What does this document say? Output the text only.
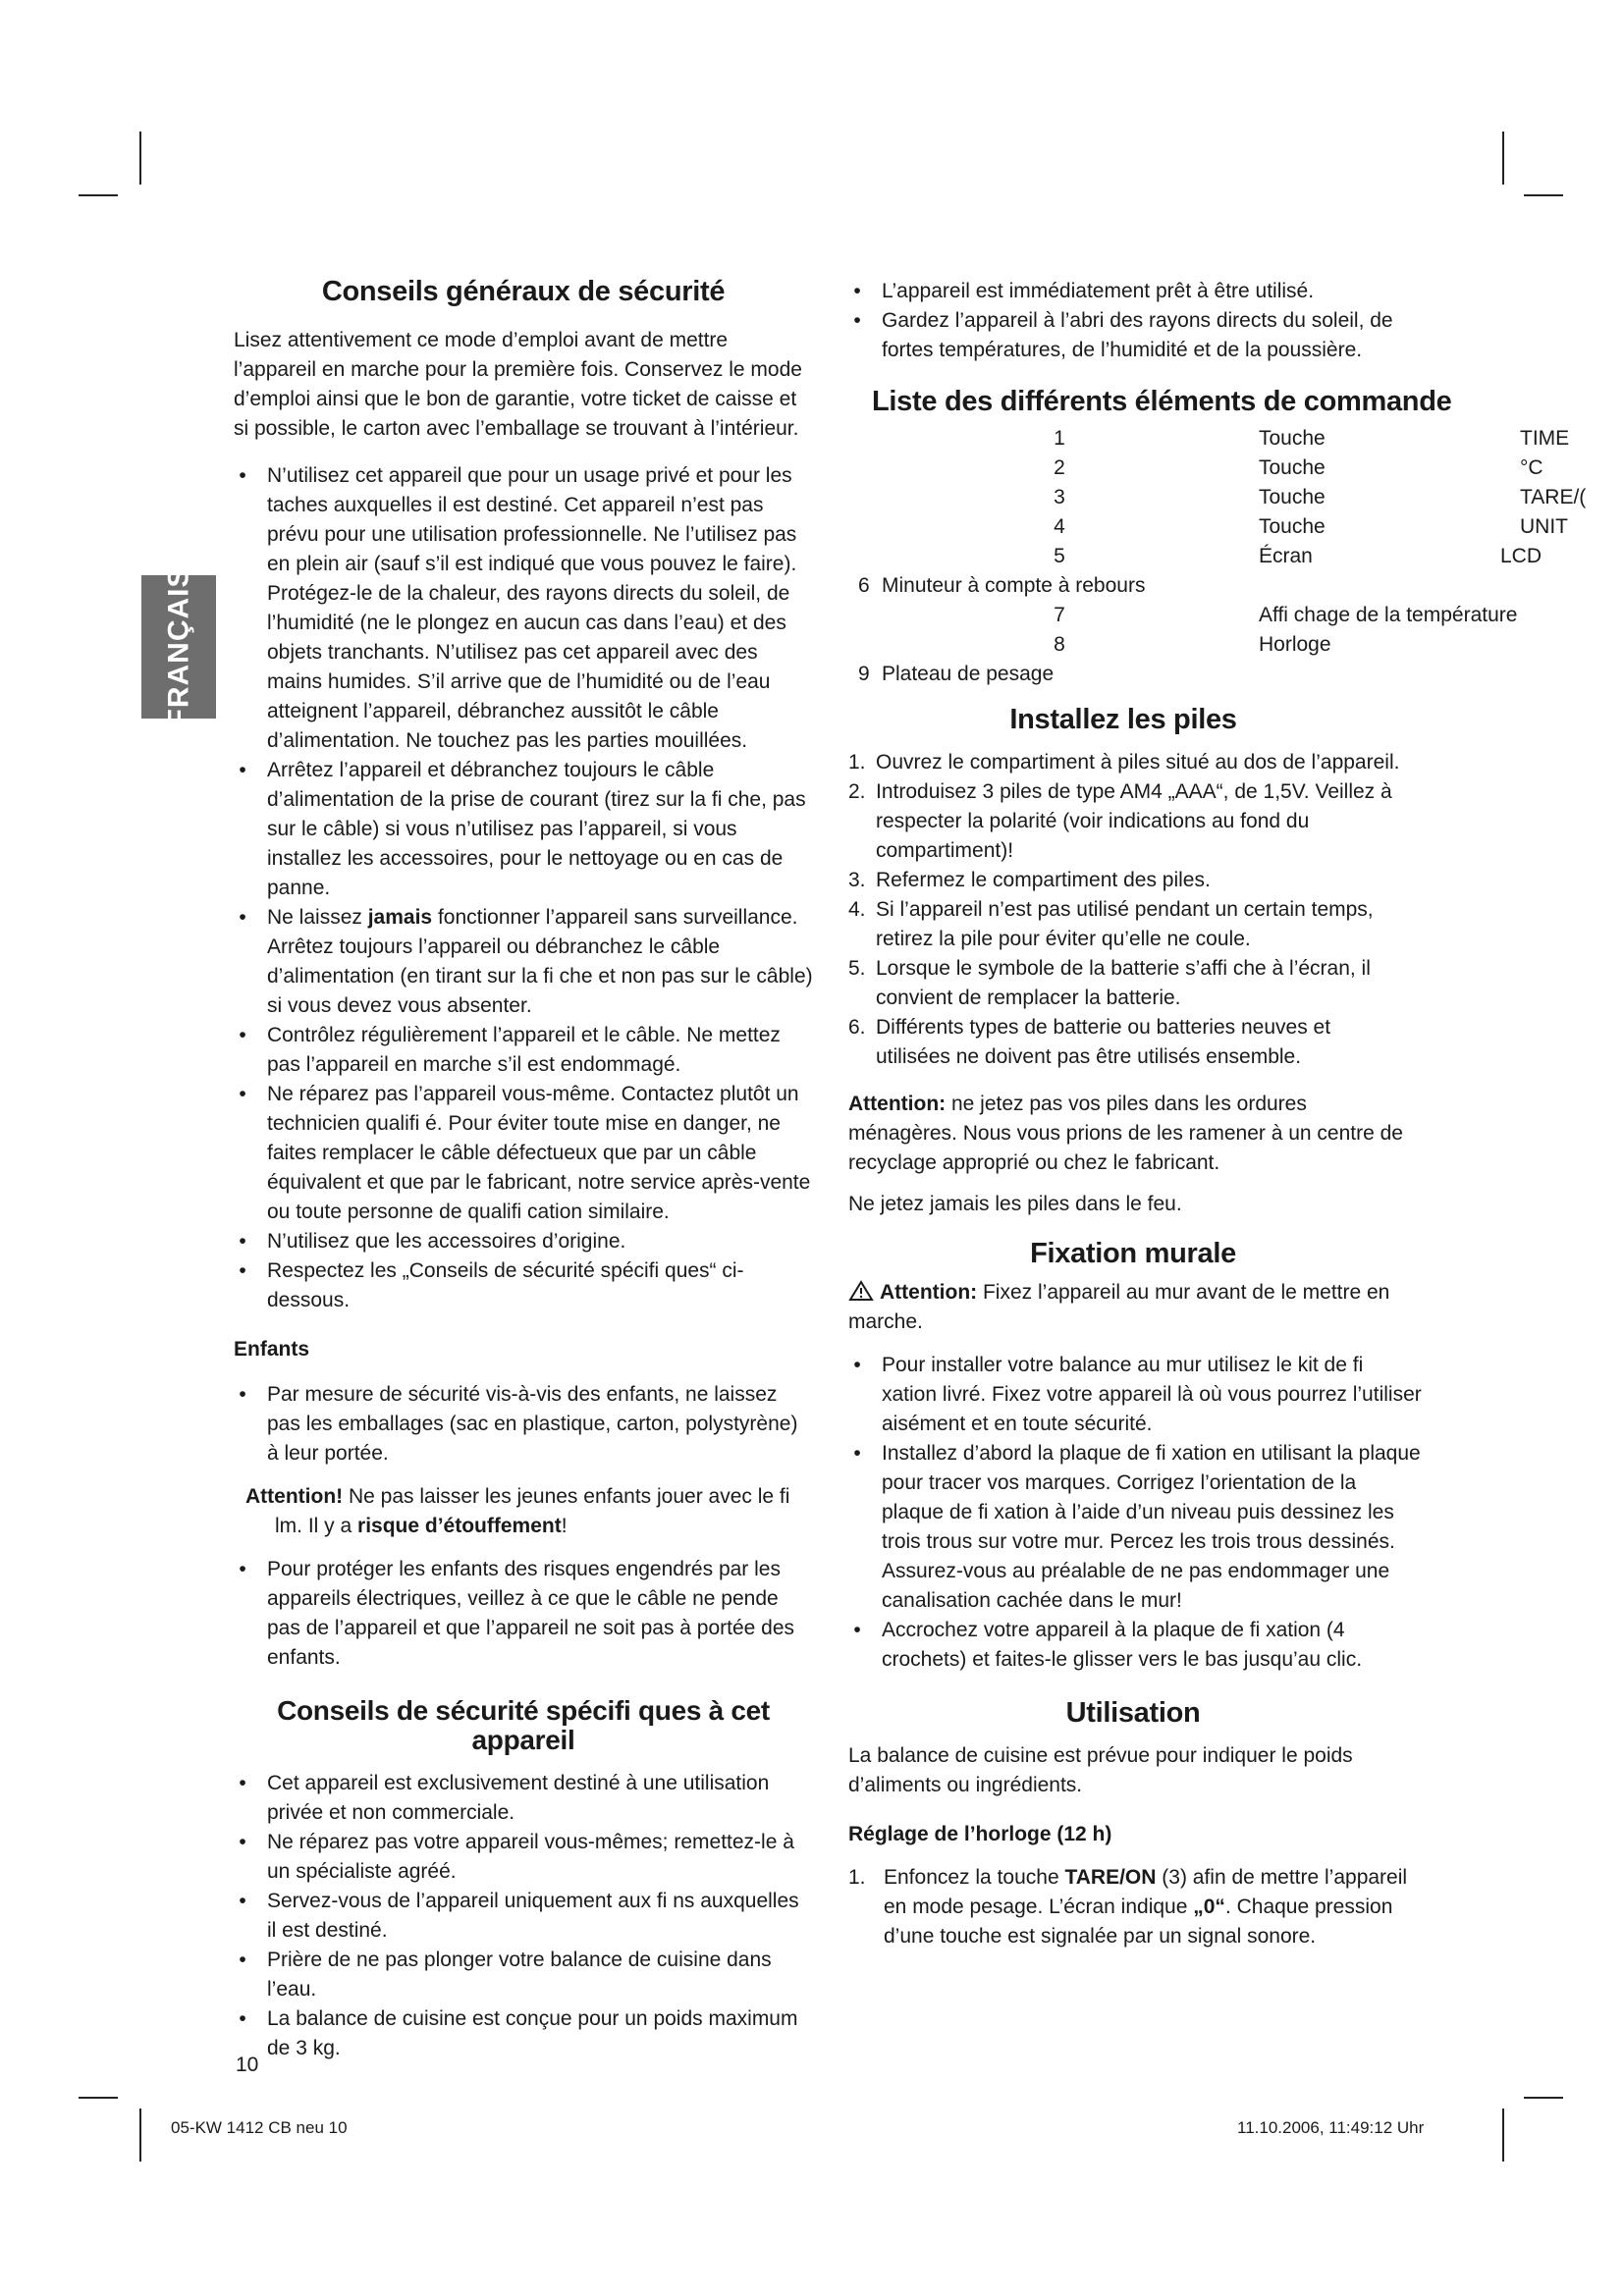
FRANÇAIS
Conseils généraux de sécurité

Lisez attentivement ce mode d’emploi avant de mettre l’appareil en marche pour la première fois. Conservez le mode d’emploi ainsi que le bon de garantie, votre ticket de caisse et si possible, le carton avec l’emballage se trouvant à l’intérieur.

• N’utilisez cet appareil que pour un usage privé et pour les taches auxquelles il est destiné. Cet appareil n’est pas prévu pour une utilisation professionnelle. Ne l’utilisez pas en plein air (sauf s’il est indiqué que vous pouvez le faire). Protégez-le de la chaleur, des rayons directs du soleil, de l’humidité (ne le plongez en aucun cas dans l’eau) et des objets tranchants. N’utilisez pas cet appareil avec des mains humides. S’il arrive que de l’humidité ou de l’eau atteignent l’appareil, débranchez aussitôt le câble d’alimentation. Ne touchez pas les parties mouillées.
• Arrêtez l’appareil et débranchez toujours le câble d’alimentation de la prise de courant (tirez sur la fi che, pas sur le câble) si vous n’utilisez pas l’appareil, si vous installez les accessoires, pour le nettoyage ou en cas de panne.
• Ne laissez jamais fonctionner l’appareil sans surveillance. Arrêtez toujours l’appareil ou débranchez le câble d’alimentation (en tirant sur la fi che et non pas sur le câble) si vous devez vous absenter.
• Contrôlez régulièrement l’appareil et le câble. Ne mettez pas l’appareil en marche s’il est endommagé.
• Ne réparez pas l’appareil vous-même. Contactez plutôt un technicien qualifi é. Pour éviter toute mise en danger, ne faites remplacer le câble défectueux que par un câble équivalent et que par le fabricant, notre service après-vente ou toute personne de qualifi cation similaire.
• N’utilisez que les accessoires d’origine.
• Respectez les „Conseils de sécurité spécifi ques“ ci-dessous.
Enfants
• Par mesure de sécurité vis-à-vis des enfants, ne laissez pas les emballages (sac en plastique, carton, polystyrène) à leur portée.

Attention! Ne pas laisser les jeunes enfants jouer avec le fi lm. Il y a risque d’étouffement!

• Pour protéger les enfants des risques engendrés par les appareils électriques, veillez à ce que le câble ne pende pas de l’appareil et que l’appareil ne soit pas à portée des enfants.
Conseils de sécurité spécifi ques à cet appareil
• Cet appareil est exclusivement destiné à une utilisation privée et non commerciale.
• Ne réparez pas votre appareil vous-mêmes; remettez-le à un spécialiste agréé.
• Servez-vous de l’appareil uniquement aux fi ns auxquelles il est destiné.
• Prière de ne pas plonger votre balance de cuisine dans l’eau.
• La balance de cuisine est conçue pour un poids maximum de 3 kg.
10
• L’appareil est immédiatement prêt à être utilisé.
• Gardez l’appareil à l’abri des rayons directs du soleil, de fortes températures, de l’humidité et de la poussière.
Liste des différents éléments de commande
1	Touche	TIME
2	Touche	°C
3	Touche	TARE/(
4	Touche	UNIT
5	Écran	LCD
6 Minuteur à compte à rebours
7	Affi chage de la température
8	Horloge
9 Plateau de pesage
Installez les piles
1. Ouvrez le compartiment à piles situé au dos de l’appareil.
2. Introduisez 3 piles de type AM4 „AAA“, de 1,5V. Veillez à respecter la polarité (voir indications au fond du compartiment)!
3. Refermez le compartiment des piles.
4. Si l’appareil n’est pas utilisé pendant un certain temps, retirez la pile pour éviter qu’elle ne coule.
5. Lorsque le symbole de la batterie s’affi che à l’écran, il convient de remplacer la batterie.
6. Différents types de batterie ou batteries neuves et utilisées ne doivent pas être utilisés ensemble.

Attention: ne jetez pas vos piles dans les ordures ménagères. Nous vous prions de les ramener à un centre de recyclage approprié ou chez le fabricant.

Ne jetez jamais les piles dans le feu.

Fixation murale

Attention: Fixez l’appareil au mur avant de le mettre en marche.

• Pour installer votre balance au mur utilisez le kit de fi xation livré. Fixez votre appareil là où vous pourrez l’utiliser aisément et en toute sécurité.
• Installez d’abord la plaque de fi xation en utilisant la plaque pour tracer vos marques. Corrigez l’orientation de la plaque de fi xation à l’aide d’un niveau puis dessinez les trois trous sur votre mur. Percez les trois trous dessinés. Assurez-vous au préalable de ne pas endommager une canalisation cachée dans le mur!
• Accrochez votre appareil à la plaque de fi xation (4 crochets) et faites-le glisser vers le bas jusqu’au clic.
Utilisation

La balance de cuisine est prévue pour indiquer le poids d’aliments ou ingrédients.

Réglage de l’horloge (12 h)
1. Enfoncez la touche TARE/ON (3) afin de mettre l’appareil en mode pesage. L’écran indique „0“. Chaque pression d’une touche est signalée par un signal sonore.
05-KW 1412 CB neu 10	11.10.2006, 11:49:12 Uhr
